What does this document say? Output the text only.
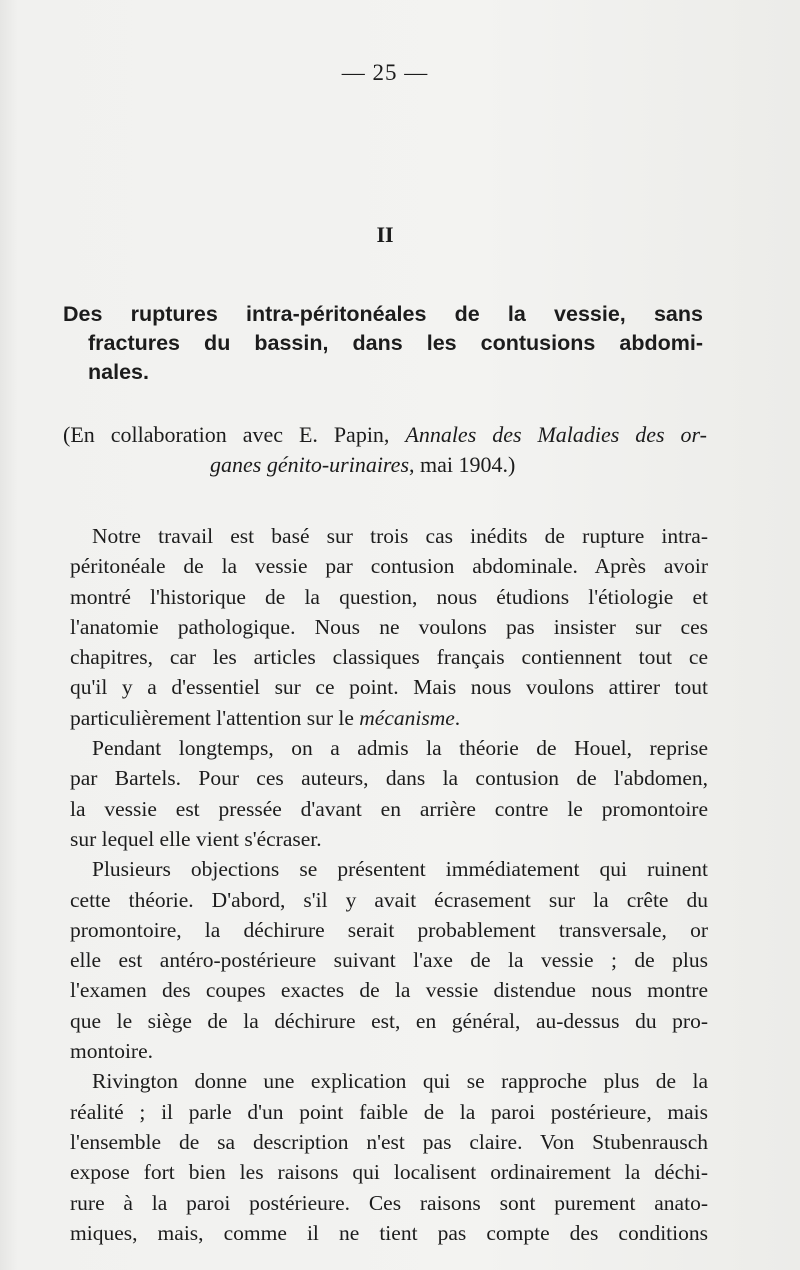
— 25 —
II
Des ruptures intra-péritonéales de la vessie, sans
fractures du bassin, dans les contusions abdomi-
nales.
(En collaboration avec E. Papin, Annales des Maladies des or-
ganes génito-urinaires, mai 1904.)

Notre travail est basé sur trois cas inédits de rupture intra-
péritonéale de la vessie par contusion abdominale. Après avoir
montré l'historique de la question, nous étudions l'étiologie et
l'anatomie pathologique. Nous ne voulons pas insister sur ces
chapitres, car les articles classiques français contiennent tout ce
qu'il y a d'essentiel sur ce point. Mais nous voulons attirer tout
particulièrement l'attention sur le mécanisme.

Pendant longtemps, on a admis la théorie de Houel, reprise
par Bartels. Pour ces auteurs, dans la contusion de l'abdomen,
la vessie est pressée d'avant en arrière contre le promontoire
sur lequel elle vient s'écraser.

Plusieurs objections se présentent immédiatement qui ruinent
cette théorie. D'abord, s'il y avait écrasement sur la crête du
promontoire, la déchirure serait probablement transversale, or
elle est antéro-postérieure suivant l'axe de la vessie ; de plus
l'examen des coupes exactes de la vessie distendue nous montre
que le siège de la déchirure est, en général, au-dessus du pro-
montoire.

Rivington donne une explication qui se rapproche plus de la
réalité ; il parle d'un point faible de la paroi postérieure, mais
l'ensemble de sa description n'est pas claire. Von Stubenrausch
expose fort bien les raisons qui localisent ordinairement la déchi-
rure à la paroi postérieure. Ces raisons sont purement anato-
miques, mais, comme il ne tient pas compte des conditions
